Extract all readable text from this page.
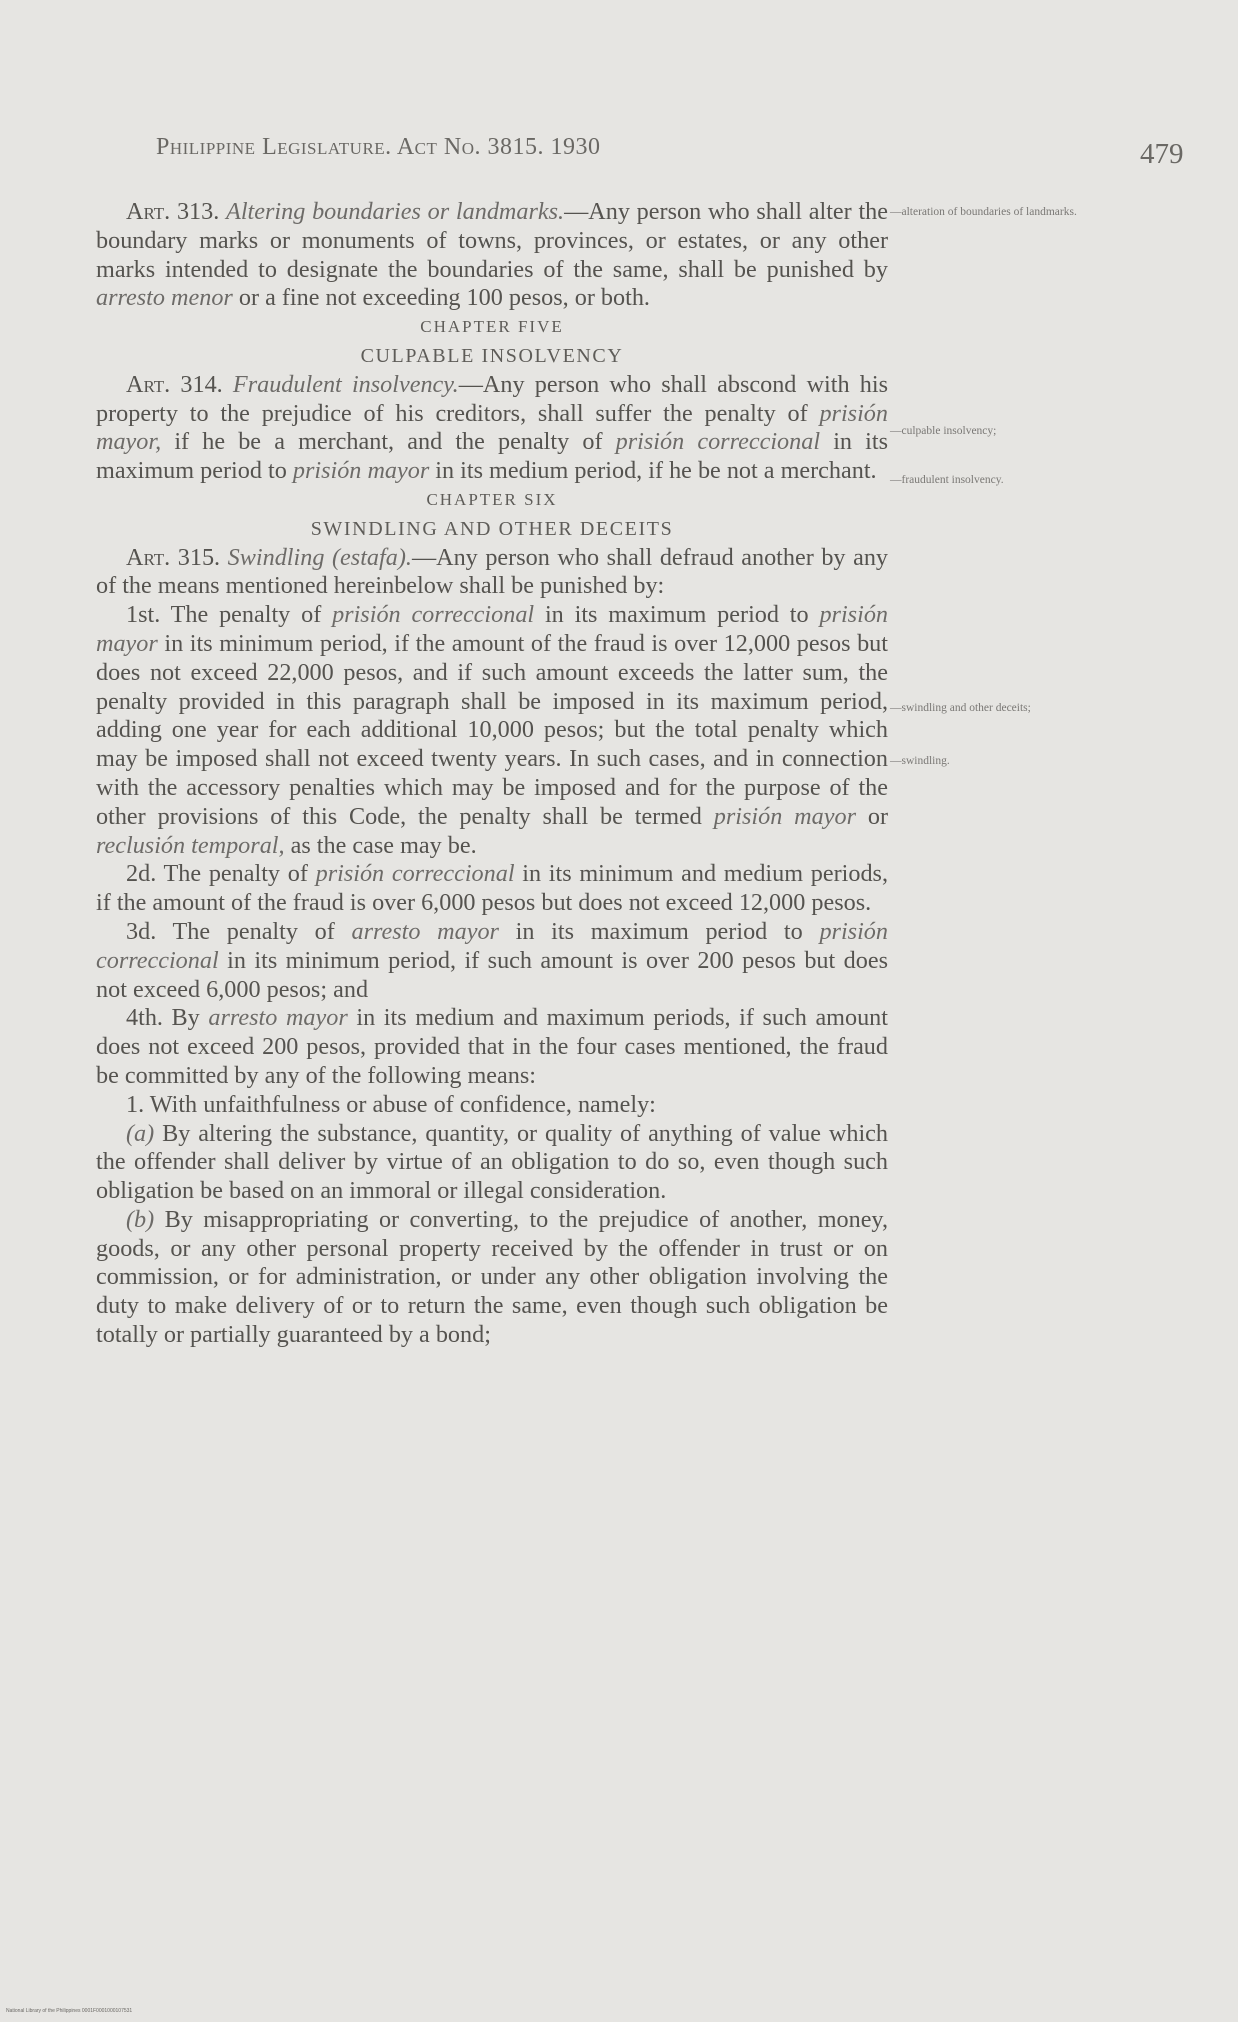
Philippine Legislature. Act No. 3815. 1930	479
—alteration of boundaries of landmarks.
—culpable insolvency;
—fraudulent insolvency.
—swindling and other deceits;
—swindling.

Art. 313. Altering boundaries or landmarks.—Any person who shall alter the boundary marks or monuments of towns, provinces, or estates, or any other marks intended to designate the boundaries of the same, shall be punished by arresto menor or a fine not exceeding 100 pesos, or both.

CHAPTER FIVE

CULPABLE INSOLVENCY

Art. 314. Fraudulent insolvency.—Any person who shall abscond with his property to the prejudice of his creditors, shall suffer the penalty of prisión mayor, if he be a merchant, and the penalty of prisión correccional in its maximum period to prisión mayor in its medium period, if he be not a merchant.

CHAPTER SIX

SWINDLING AND OTHER DECEITS

Art. 315. Swindling (estafa).—Any person who shall defraud another by any of the means mentioned hereinbelow shall be punished by:

1st. The penalty of prisión correccional in its maximum period to prisión mayor in its minimum period, if the amount of the fraud is over 12,000 pesos but does not exceed 22,000 pesos, and if such amount exceeds the latter sum, the penalty provided in this paragraph shall be imposed in its maximum period, adding one year for each additional 10,000 pesos; but the total penalty which may be imposed shall not exceed twenty years. In such cases, and in connection with the accessory penalties which may be imposed and for the purpose of the other provisions of this Code, the penalty shall be termed prisión mayor or reclusión temporal, as the case may be.

2d. The penalty of prisión correccional in its minimum and medium periods, if the amount of the fraud is over 6,000 pesos but does not exceed 12,000 pesos.

3d. The penalty of arresto mayor in its maximum period to prisión correccional in its minimum period, if such amount is over 200 pesos but does not exceed 6,000 pesos; and

4th. By arresto mayor in its medium and maximum periods, if such amount does not exceed 200 pesos, provided that in the four cases mentioned, the fraud be committed by any of the following means:

1. With unfaithfulness or abuse of confidence, namely:

(a) By altering the substance, quantity, or quality of anything of value which the offender shall deliver by virtue of an obligation to do so, even though such obligation be based on an immoral or illegal consideration.

(b) By misappropriating or converting, to the prejudice of another, money, goods, or any other personal property received by the offender in trust or on commission, or for administration, or under any other obligation involving the duty to make delivery of or to return the same, even though such obligation be totally or partially guaranteed by a bond;

National Library of the Philippines 0001F0001000107531
